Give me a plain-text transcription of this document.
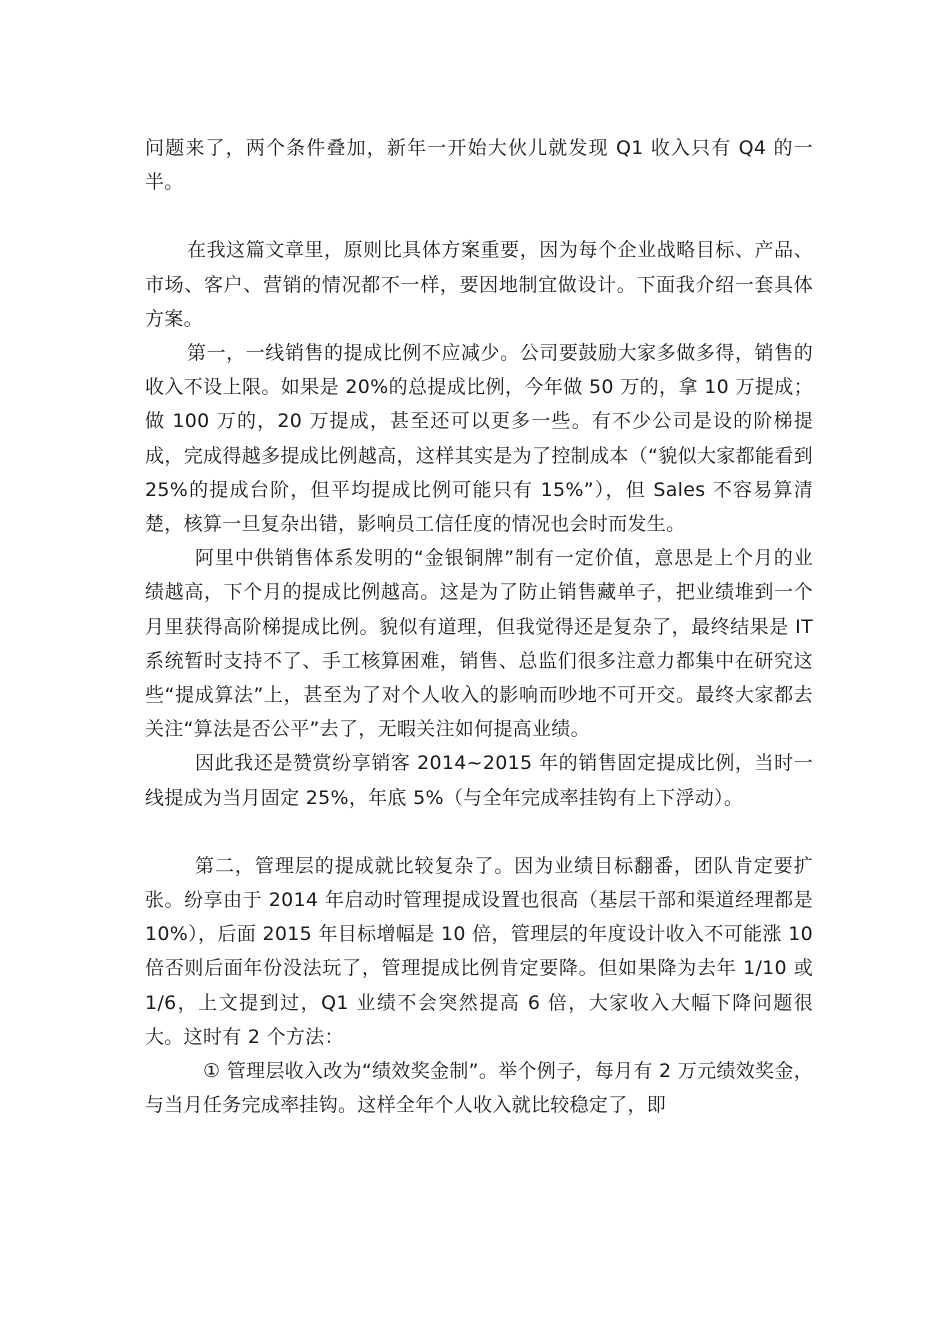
问题来了，两个条件叠加，新年一开始大伙儿就发现 Q1 收入只有 Q4 的一半。

在我这篇文章里，原则比具体方案重要，因为每个企业战略目标、产品、市场、客户、营销的情况都不一样，要因地制宜做设计。下面我介绍一套具体方案。

第一，一线销售的提成比例不应减少。公司要鼓励大家多做多得，销售的收入不设上限。如果是 20%的总提成比例，今年做 50 万的，拿 10 万提成；做 100 万的，20 万提成，甚至还可以更多一些。有不少公司是设的阶梯提成，完成得越多提成比例越高，这样其实是为了控制成本（“貌似大家都能看到 25%的提成台阶，但平均提成比例可能只有 15%”），但 Sales 不容易算清楚，核算一旦复杂出错，影响员工信任度的情况也会时而发生。

阿里中供销售体系发明的“金银铜牌”制有一定价值，意思是上个月的业绩越高，下个月的提成比例越高。这是为了防止销售藏单子，把业绩堆到一个月里获得高阶梯提成比例。貌似有道理，但我觉得还是复杂了，最终结果是 IT 系统暂时支持不了、手工核算困难，销售、总监们很多注意力都集中在研究这些“提成算法”上，甚至为了对个人收入的影响而吵地不可开交。最终大家都去关注“算法是否公平”去了，无暇关注如何提高业绩。

因此我还是赞赏纷享销客 2014~2015 年的销售固定提成比例，当时一线提成为当月固定 25%，年底 5%（与全年完成率挂钩有上下浮动）。

第二，管理层的提成就比较复杂了。因为业绩目标翻番，团队肯定要扩张。纷享由于 2014 年启动时管理提成设置也很高（基层干部和渠道经理都是 10%），后面 2015 年目标增幅是 10 倍，管理层的年度设计收入不可能涨 10 倍否则后面年份没法玩了，管理提成比例肯定要降。但如果降为去年 1/10 或 1/6，上文提到过，Q1 业绩不会突然提高 6 倍，大家收入大幅下降问题很大。这时有 2 个方法：

① 管理层收入改为“绩效奖金制”。举个例子，每月有 2 万元绩效奖金，与当月任务完成率挂钩。这样全年个人收入就比较稳定了，即
